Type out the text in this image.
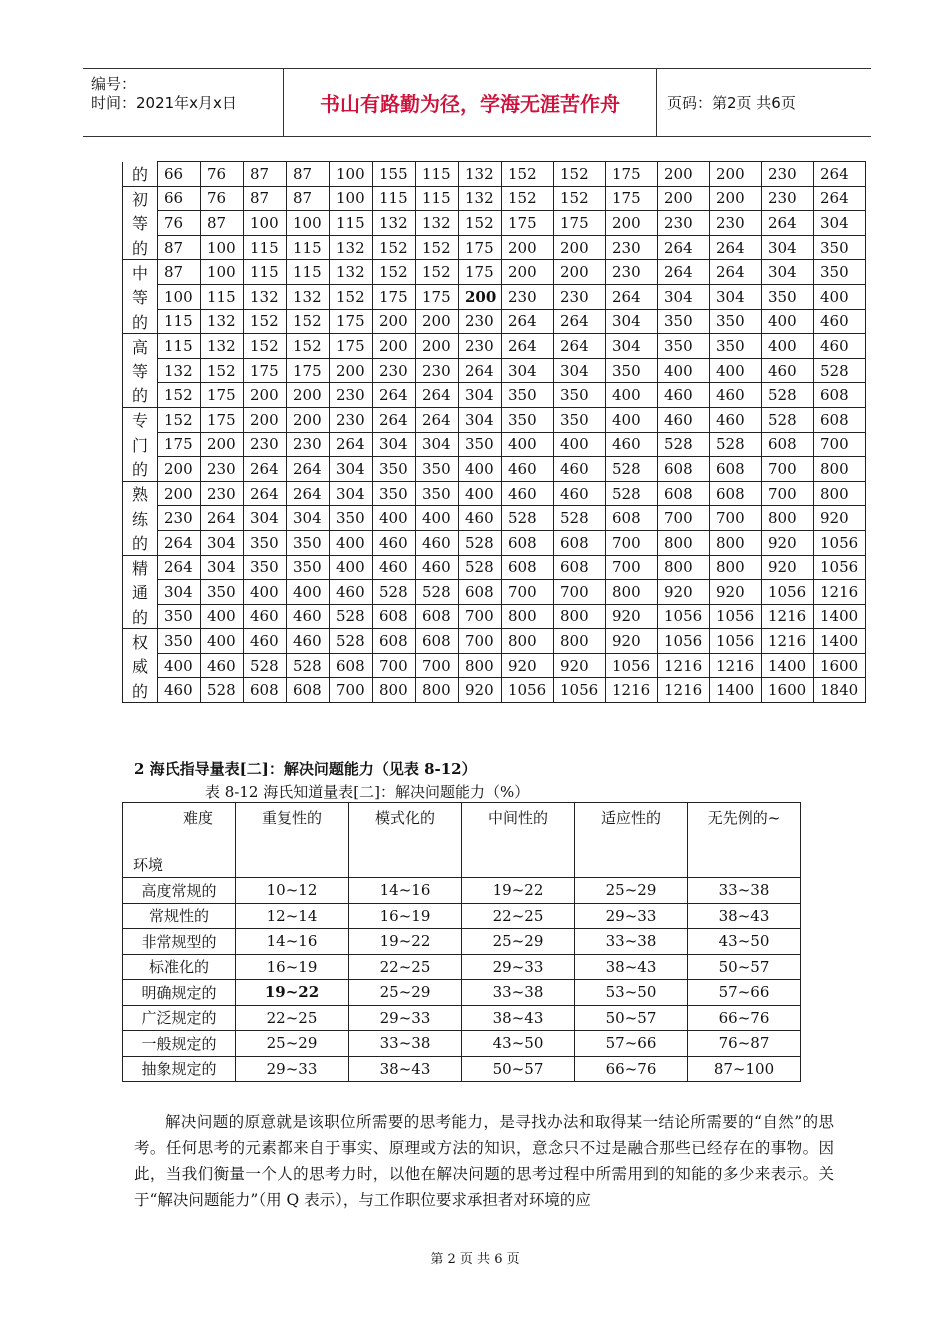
编号：
时间：2021年x月x日	书山有路勤为径，学海无涯苦作舟	页码：第2页 共6页
的	66	76	87	87	100	155	115	132	152	152	175	200	200	230	264
初	66	76	87	87	100	115	115	132	152	152	175	200	200	230	264
等	76	87	100	100	115	132	132	152	175	175	200	230	230	264	304
的	87	100	115	115	132	152	152	175	200	200	230	264	264	304	350
中	87	100	115	115	132	152	152	175	200	200	230	264	264	304	350
等	100	115	132	132	152	175	175	200	230	230	264	304	304	350	400
的	115	132	152	152	175	200	200	230	264	264	304	350	350	400	460
高	115	132	152	152	175	200	200	230	264	264	304	350	350	400	460
等	132	152	175	175	200	230	230	264	304	304	350	400	400	460	528
的	152	175	200	200	230	264	264	304	350	350	400	460	460	528	608
专	152	175	200	200	230	264	264	304	350	350	400	460	460	528	608
门	175	200	230	230	264	304	304	350	400	400	460	528	528	608	700
的	200	230	264	264	304	350	350	400	460	460	528	608	608	700	800
熟	200	230	264	264	304	350	350	400	460	460	528	608	608	700	800
练	230	264	304	304	350	400	400	460	528	528	608	700	700	800	920
的	264	304	350	350	400	460	460	528	608	608	700	800	800	920	1056
精	264	304	350	350	400	460	460	528	608	608	700	800	800	920	1056
通	304	350	400	400	460	528	528	608	700	700	800	920	920	1056	1216
的	350	400	460	460	528	608	608	700	800	800	920	1056	1056	1216	1400
权	350	400	460	460	528	608	608	700	800	800	920	1056	1056	1216	1400
威	400	460	528	528	608	700	700	800	920	920	1056	1216	1216	1400	1600
的	460	528	608	608	700	800	800	920	1056	1056	1216	1216	1400	1600	1840
2 海氏指导量表[二]：解决问题能力（见表 8-12）
表 8-12 海氏知道量表[二]：解决问题能力（%）
难度
环境	重复性的	模式化的	中间性的	适应性的	无先例的~
高度常规的	10~12	14~16	19~22	25~29	33~38
常规性的	12~14	16~19	22~25	29~33	38~43
非常规型的	14~16	19~22	25~29	33~38	43~50
标准化的	16~19	22~25	29~33	38~43	50~57
明确规定的	19~22	25~29	33~38	53~50	57~66
广泛规定的	22~25	29~33	38~43	50~57	66~76
一般规定的	25~29	33~38	43~50	57~66	76~87
抽象规定的	29~33	38~43	50~57	66~76	87~100
解决问题的原意就是该职位所需要的思考能力，是寻找办法和取得某一结论所需要的“自然”的思考。任何思考的元素都来自于事实、原理或方法的知识，意念只不过是融合那些已经存在的事物。因此，当我们衡量一个人的思考力时，以他在解决问题的思考过程中所需用到的知能的多少来表示。关于“解决问题能力”（用 Q 表示），与工作职位要求承担者对环境的应
第 2 页 共 6 页
